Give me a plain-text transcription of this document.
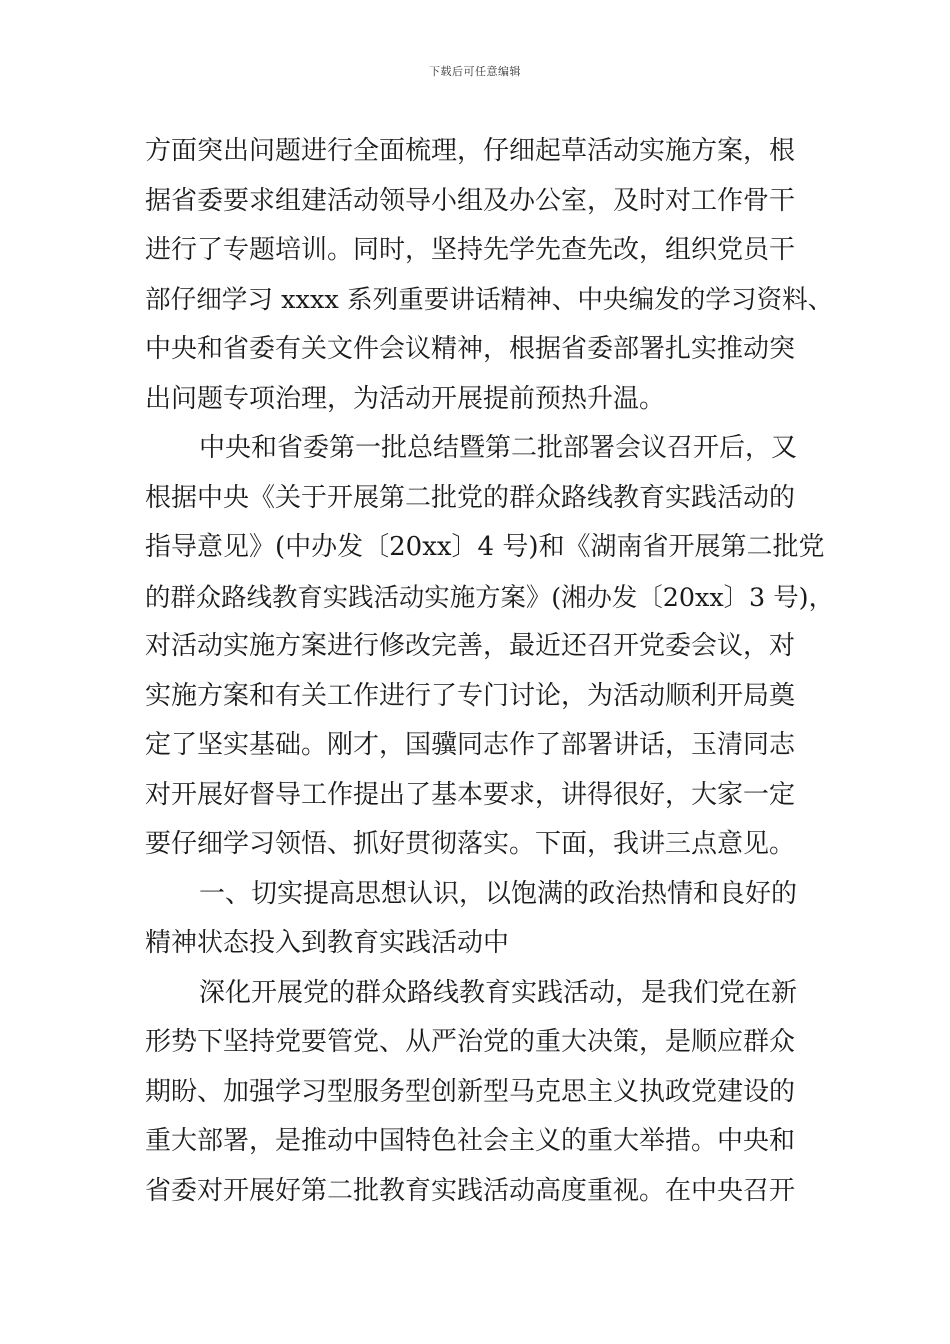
下载后可任意编辑
方面突出问题进行全面梳理，仔细起草活动实施方案，根
据省委要求组建活动领导小组及办公室，及时对工作骨干
进行了专题培训。同时，坚持先学先查先改，组织党员干
部仔细学习 xxxx 系列重要讲话精神、中央编发的学习资料、
中央和省委有关文件会议精神，根据省委部署扎实推动突
出问题专项治理，为活动开展提前预热升温。
中央和省委第一批总结暨第二批部署会议召开后，又
根据中央《关于开展第二批党的群众路线教育实践活动的
指导意见》(中办发〔20xx〕4 号)和《湖南省开展第二批党
的群众路线教育实践活动实施方案》(湘办发〔20xx〕3 号)，
对活动实施方案进行修改完善，最近还召开党委会议，对
实施方案和有关工作进行了专门讨论，为活动顺利开局奠
定了坚实基础。刚才，国骥同志作了部署讲话，玉清同志
对开展好督导工作提出了基本要求，讲得很好，大家一定
要仔细学习领悟、抓好贯彻落实。下面，我讲三点意见。
一、切实提高思想认识，以饱满的政治热情和良好的
精神状态投入到教育实践活动中
深化开展党的群众路线教育实践活动，是我们党在新
形势下坚持党要管党、从严治党的重大决策，是顺应群众
期盼、加强学习型服务型创新型马克思主义执政党建设的
重大部署，是推动中国特色社会主义的重大举措。中央和
省委对开展好第二批教育实践活动高度重视。在中央召开
